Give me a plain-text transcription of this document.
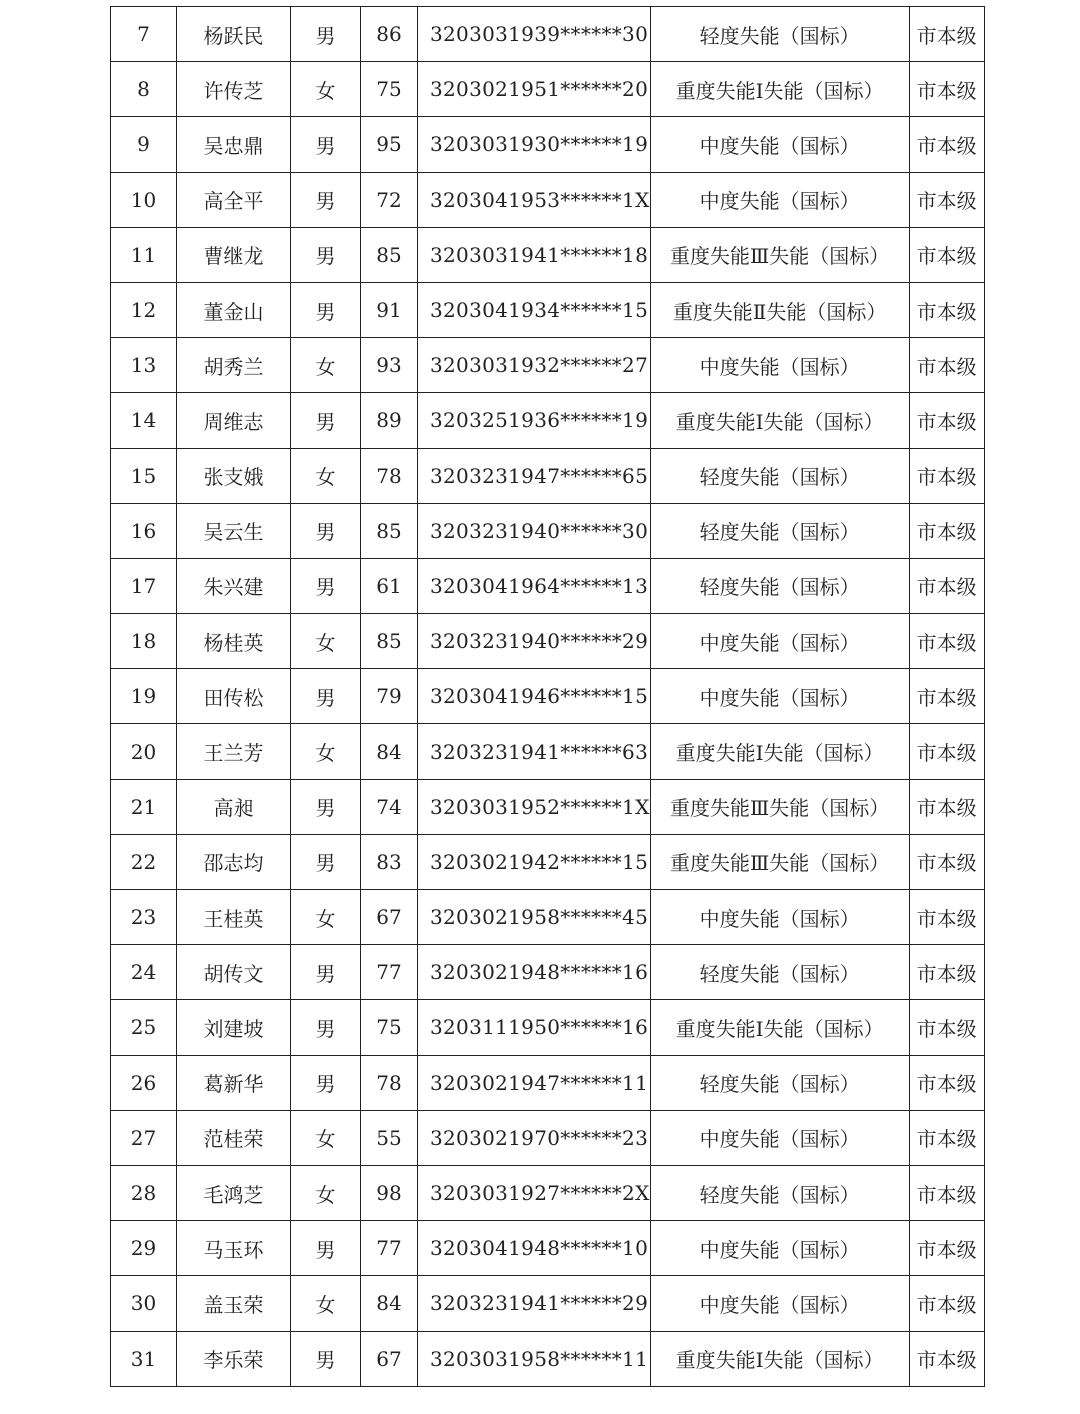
7	杨跃民	男	86	3203031939******30	轻度失能（国标）	市本级
8	许传芝	女	75	3203021951******20	重度失能Ⅰ失能（国标）	市本级
9	吴忠鼎	男	95	3203031930******19	中度失能（国标）	市本级
10	高全平	男	72	3203041953******1X	中度失能（国标）	市本级
11	曹继龙	男	85	3203031941******18	重度失能Ⅲ失能（国标）	市本级
12	董金山	男	91	3203041934******15	重度失能Ⅱ失能（国标）	市本级
13	胡秀兰	女	93	3203031932******27	中度失能（国标）	市本级
14	周维志	男	89	3203251936******19	重度失能Ⅰ失能（国标）	市本级
15	张支娥	女	78	3203231947******65	轻度失能（国标）	市本级
16	吴云生	男	85	3203231940******30	轻度失能（国标）	市本级
17	朱兴建	男	61	3203041964******13	轻度失能（国标）	市本级
18	杨桂英	女	85	3203231940******29	中度失能（国标）	市本级
19	田传松	男	79	3203041946******15	中度失能（国标）	市本级
20	王兰芳	女	84	3203231941******63	重度失能Ⅰ失能（国标）	市本级
21	高昶	男	74	3203031952******1X	重度失能Ⅲ失能（国标）	市本级
22	邵志均	男	83	3203021942******15	重度失能Ⅲ失能（国标）	市本级
23	王桂英	女	67	3203021958******45	中度失能（国标）	市本级
24	胡传文	男	77	3203021948******16	轻度失能（国标）	市本级
25	刘建坡	男	75	3203111950******16	重度失能Ⅰ失能（国标）	市本级
26	葛新华	男	78	3203021947******11	轻度失能（国标）	市本级
27	范桂荣	女	55	3203021970******23	中度失能（国标）	市本级
28	毛鸿芝	女	98	3203031927******2X	轻度失能（国标）	市本级
29	马玉环	男	77	3203041948******10	中度失能（国标）	市本级
30	盖玉荣	女	84	3203231941******29	中度失能（国标）	市本级
31	李乐荣	男	67	3203031958******11	重度失能Ⅰ失能（国标）	市本级
